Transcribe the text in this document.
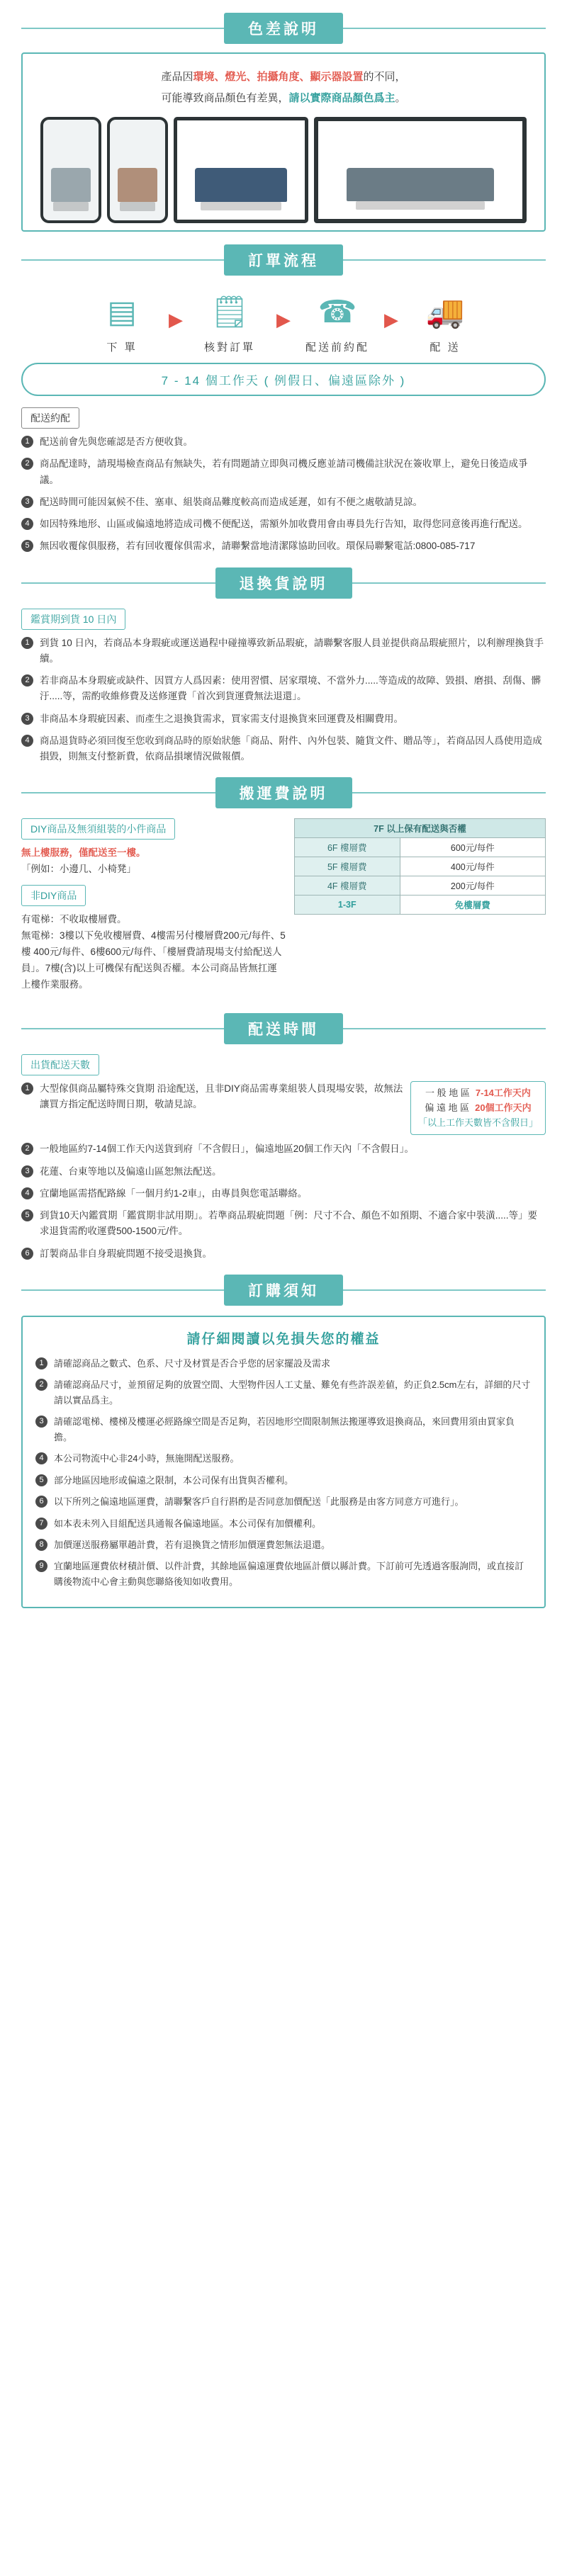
色差說明

產品因環境、燈光、拍攝角度、顯示器設置的不同，

可能導致商品顏色有差異，請以實際商品顏色爲主。

訂單流程
▤
下 單
▶ 🗒
核對訂單
▶ ☎
配送前約配
▶ 🚚
配 送
7 - 14 個工作天 ( 例假日、偏遠區除外 )
配送約配
1	配送前會先與您確認是否方便收貨。
2	商品配達時，請現場檢查商品有無缺失，若有問題請立即與司機反應並請司機備註狀況在簽收單上，避免日後造成爭議。
3	配送時間可能因氣候不佳、塞車、組裝商品難度較高而造成延遲，如有不便之處敬請見諒。
4	如因特殊地形、山區或偏遠地將造成司機不便配送，需額外加收費用會由專員先行告知，取得您同意後再進行配送。
5	無因收覆傢俱服務，若有回收覆傢俱需求，請聯繫當地清潔隊協助回收。環保局聯繫電話:0800-085-717
退換貨說明
鑑賞期到貨 10 日內
1	到貨 10 日內，若商品本身瑕疵或運送過程中碰撞導致新品瑕疵，請聯繫客服人員並提供商品瑕疵照片，以利辦理換貨手續。
2	若非商品本身瑕疵或缺件、因買方人爲因素：使用習慣、居家環境、不當外力.....等造成的故障、毀損、磨損、刮傷、髒汙.....等，需酌收維修費及送修運費「首次到貨運費無法退還」。
3	非商品本身瑕疵因素、而產生之退換貨需求，買家需支付退換貨來回運費及相關費用。
4	商品退貨時必須回復至您收到商品時的原始狀態「商品、附件、內外包裝、隨貨文件、贈品等」，若商品因人爲使用造成損毀，則無支付整新費，依商品損壞情況做報價。
搬運費說明
DIY商品及無須組裝的小件商品
無上樓服務，僅配送至一樓。
「例如：小邊几、小椅凳」
非DIY商品
有電梯：不收取樓層費。
無電梯：3樓以下免收樓層費、4樓需另付樓層費200元/每件、5樓 400元/每件、6樓600元/每件、「樓層費請現場支付給配送人員」。7樓(含)以上可機保有配送與否權。本公司商品皆無扛運上樓作業服務。
7F 以上保有配送與否權	
6F 樓層費	600元/每件
5F 樓層費	400元/每件
4F 樓層費	200元/每件
1-3F	免樓層費
配送時間
出貨配送天數
1	大型傢俱商品屬特殊交貨期 沿途配送，且非DIY商品需專業組裝人員現場安裝，故無法讓買方指定配送時間日期，敬請見諒。
一 般 地 區 7-14工作天内
偏 遠 地 區 20個工作天内
「以上工作天數皆不含假日」
2	一般地區約7-14個工作天內送貨到府「不含假日」，偏遠地區20個工作天內「不含假日」。
3	花蓮、台東等地以及偏遠山區恕無法配送。
4	宜蘭地區需搭配路線「一個月約1-2車」，由專員與您電話聯絡。
5	到貨10天內鑑賞期「鑑賞期非試用期」。若準商品瑕疵問題「例：尺寸不合、顏色不如預期、不適合家中裝潢.....等」要求退貨需酌收運費500-1500元/件。
6	訂製商品非自身瑕疵問題不接受退換貨。
訂購須知
請仔細閱讀以免損失您的權益
1	請確認商品之數式、色系、尺寸及材質是否合乎您的居家擺設及需求
2	請確認商品尺寸，並預留足夠的放置空間、大型物件因人工丈量、難免有些許誤差値，約正負2.5cm左右，詳細的尺寸請以實品爲主。
3	請確認電梯、樓梯及樓運必經路線空間是否足夠，若因地形空間限制無法搬運導致退換商品，來回費用須由買家負擔。
4	本公司物流中心非24小時，無施開配送服務。
5	部分地區因地形或偏遠之限制，本公司保有出貨與否權利。
6	以下所列之偏遠地區運費，請聯繫客戶自行斟酌是否同意加價配送「此服務是由客方同意方可進行」。
7	如本表未列入目組配送具通報各偏遠地區。本公司保有加價權利。
8	加價運送服務屬單趟計費，若有退換貨之情形加價運費恕無法退還。
9	宜蘭地區運費依材積計價、以件計費，其餘地區偏遠運費依地區計價以縣計費。下訂前可先透過客服詢問，或直接訂購後物流中心會主動與您聯絡後知如收費用。
